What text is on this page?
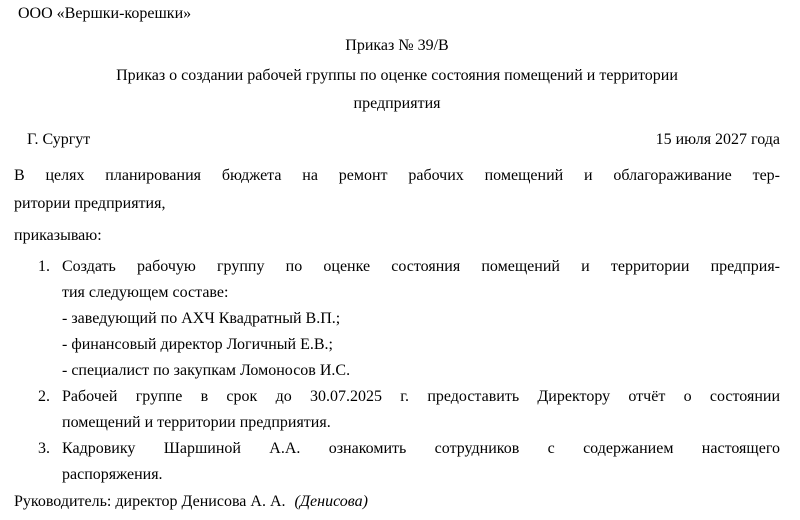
ООО «Вершки-корешки»
Приказ № 39/В
Приказ о создании рабочей группы по оценке состояния помещений и территории
предприятия
Г. Сургут	15 июля 2027 года
В целях планирования бюджета на ремонт рабочих помещений и облагораживание тер-
ритории предприятия,
приказываю:
1. Создать рабочую группу по оценке состояния помещений и территории предприя-
тия следующем составе:
- заведующий по АХЧ Квадратный В.П.;
- финансовый директор Логичный Е.В.;
- специалист по закупкам Ломоносов И.С.
2. Рабочей группе в срок до 30.07.2025 г. предоставить Директору отчёт о состоянии
помещений и территории предприятия.
3. Кадровику Шаршиной А.А. ознакомить сотрудников с содержанием настоящего
распоряжения.
Руководитель: директор Денисова А. А. (Денисова)
